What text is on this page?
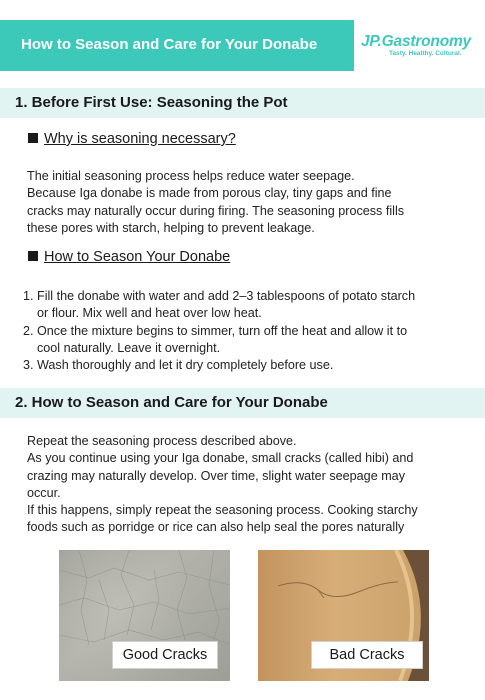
How to Season and Care for Your Donabe	JP.Gastronomy
Tasty. Healthy. Cultural.
1. Before First Use: Seasoning the Pot
Why is seasoning necessary?
The initial seasoning process helps reduce water seepage.
Because Iga donabe is made from porous clay, tiny gaps and fine
cracks may naturally occur during firing. The seasoning process fills
these pores with starch, helping to prevent leakage.
How to Season Your Donabe
1. Fill the donabe with water and add 2–3 tablespoons of potato starch
or flour. Mix well and heat over low heat.
2. Once the mixture begins to simmer, turn off the heat and allow it to
cool naturally. Leave it overnight.
3. Wash thoroughly and let it dry completely before use.
2. How to Season and Care for Your Donabe
Repeat the seasoning process described above.
As you continue using your Iga donabe, small cracks (called hibi) and
crazing may naturally develop. Over time, slight water seepage may
occur.
If this happens, simply repeat the seasoning process. Cooking starchy
foods such as porridge or rice can also help seal the pores naturally
Good Cracks	Bad Cracks
